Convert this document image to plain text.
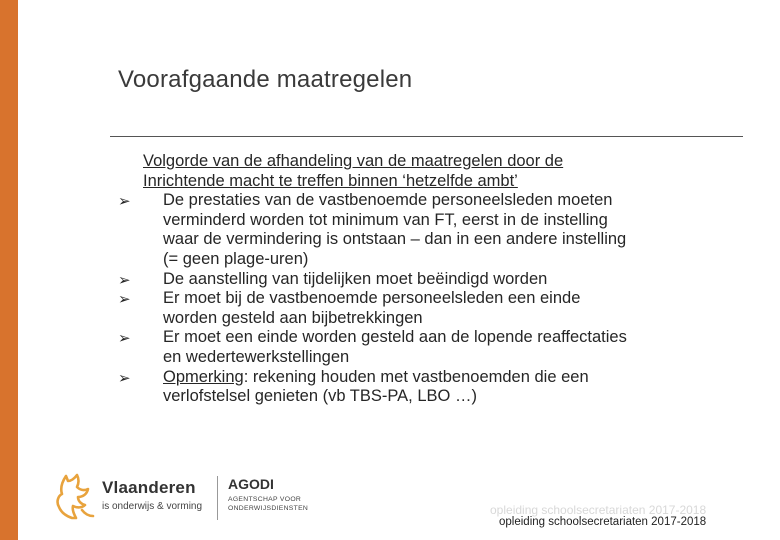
Voorafgaande maatregelen
Volgorde van de afhandeling van de maatregelen door de
Inrichtende macht te treffen binnen ‘hetzelfde ambt’
➢ De prestaties van de vastbenoemde personeelsleden moeten
verminderd worden tot minimum van FT, eerst in de instelling
waar de vermindering is ontstaan – dan in een andere instelling
(= geen plage-uren)
➢ De aanstelling van tijdelijken moet beëindigd worden
➢ Er moet bij de vastbenoemde personeelsleden een einde
worden gesteld aan bijbetrekkingen
➢ Er moet een einde worden gesteld aan de lopende reaffectaties
en wedertewerkstellingen
➢ Opmerking: rekening houden met vastbenoemden die een
verlofstelsel genieten (vb TBS-PA, LBO …)
Vlaanderen
is onderwijs & vorming
AGODI
AGENTSCHAP VOOR
ONDERWIJSDIENSTEN	opleiding schoolsecretariaten 2017-2018
opleiding schoolsecretariaten 2017-2018
